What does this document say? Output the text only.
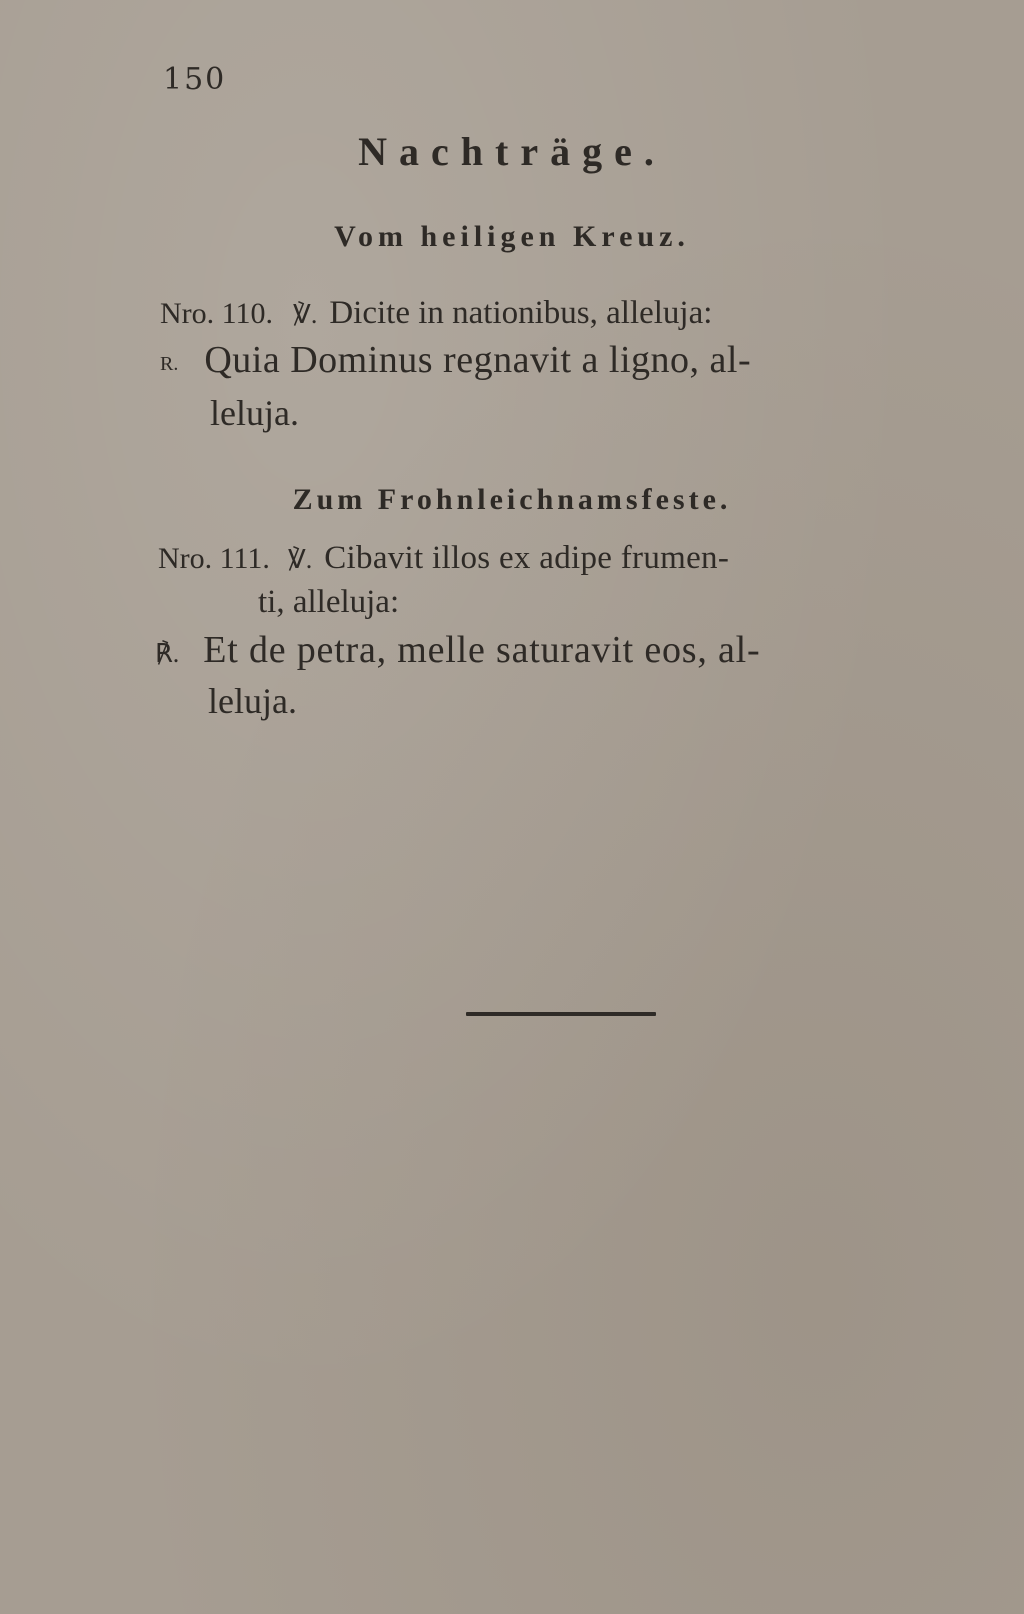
150
Nachträge.
Vom heiligen Kreuz.
Nro. 110. ℣. Dicite in nationibus, alleluja:
R. Quia Dominus regnavit a ligno, al-
leluja.
Zum Frohnleichnamsfeste.
Nro. 111. ℣. Cibavit illos ex adipe frumen-
ti, alleluja:
℟. Et de petra, melle saturavit eos, al-
leluja.
